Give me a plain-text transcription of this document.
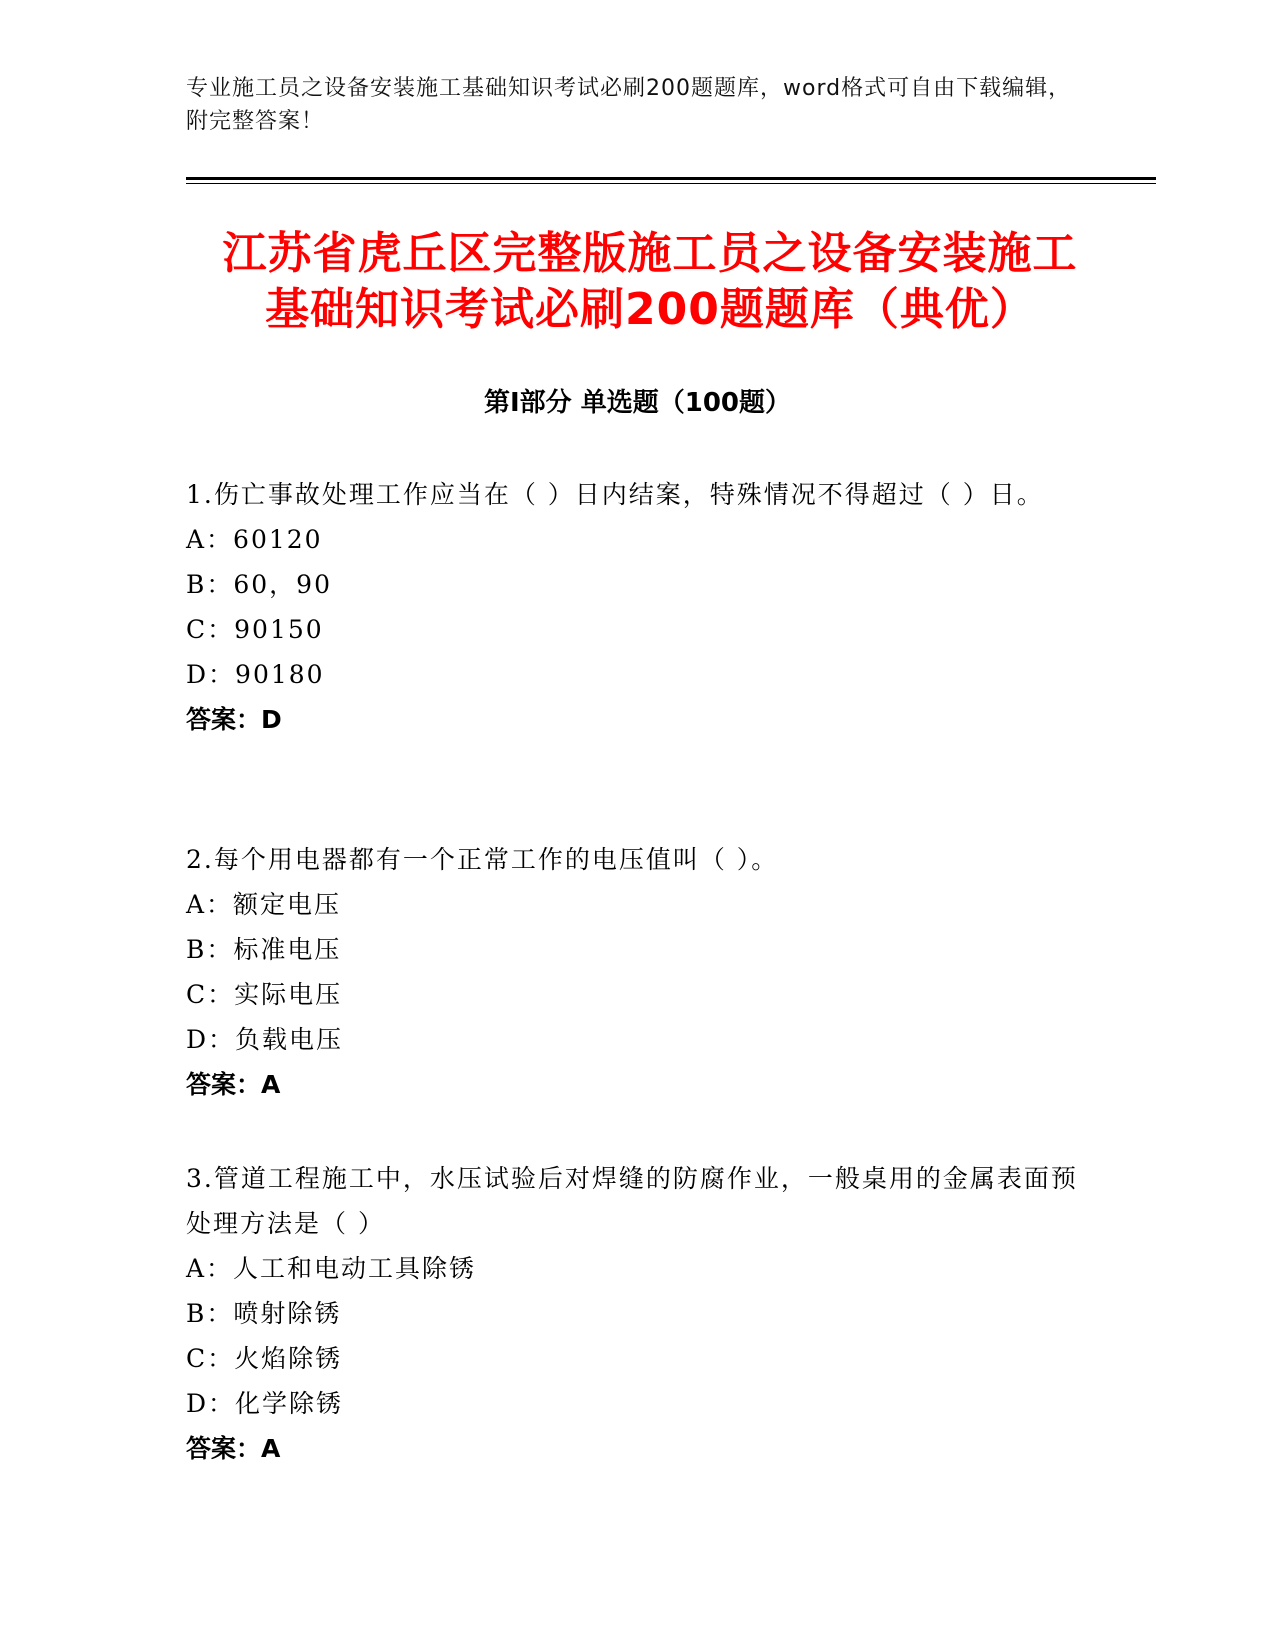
专业施工员之设备安装施工基础知识考试必刷200题题库，word格式可自由下载编辑，附完整答案！
江苏省虎丘区完整版施工员之设备安装施工
基础知识考试必刷200题题库（典优）
第Ⅰ部分 单选题（100题）
1.伤亡事故处理工作应当在（ ）日内结案，特殊情况不得超过（ ）日。
A：60120
B：60，90
C：90150
D：90180
答案：D
2.每个用电器都有一个正常工作的电压值叫（ ）。
A：额定电压
B：标准电压
C：实际电压
D：负载电压
答案：A
3.管道工程施工中，水压试验后对焊缝的防腐作业，一般桌用的金属表面预处理方法是（ ）
A：人工和电动工具除锈
B：喷射除锈
C：火焰除锈
D：化学除锈
答案：A
